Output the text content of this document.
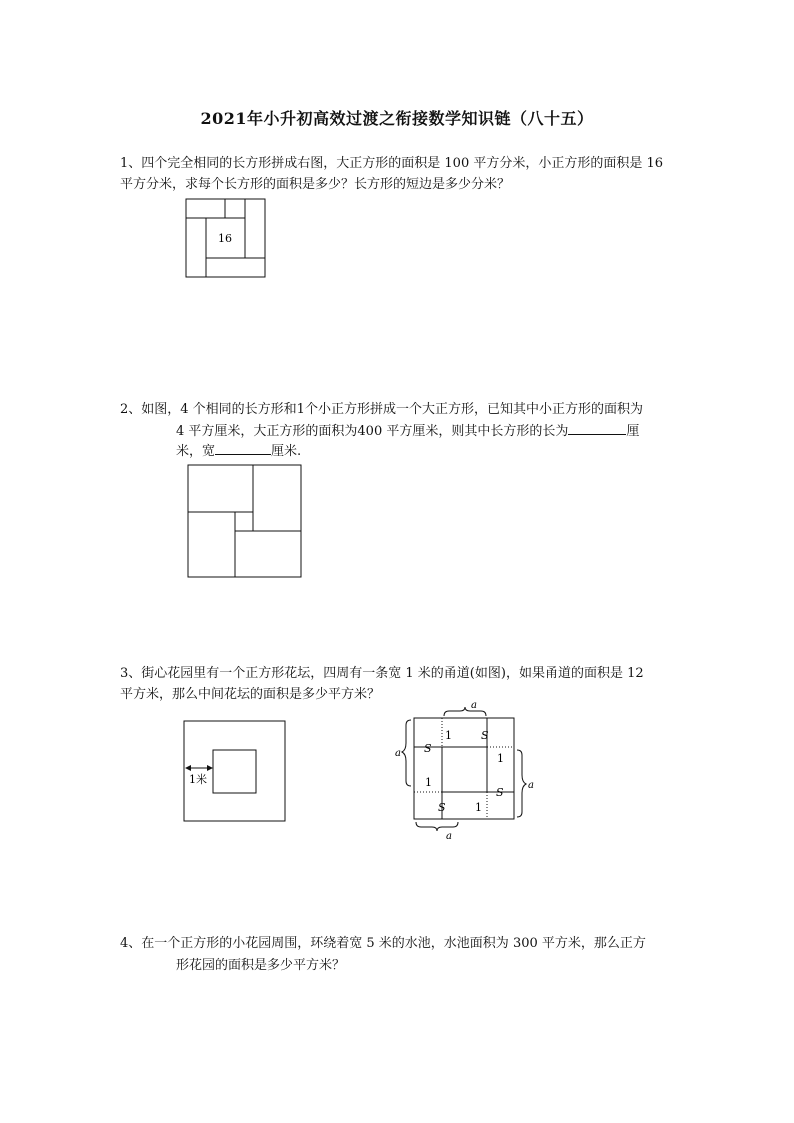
2021年小升初高效过渡之衔接数学知识链（八十五）
1、四个完全相同的长方形拼成右图，大正方形的面积是 100 平方分米，小正方形的面积是 16
平方分米，求每个长方形的面积是多少？长方形的短边是多少分米？
16
2、如图，4 个相同的长方形和1个小正方形拼成一个大正方形，已知其中小正方形的面积为
4 平方厘米，大正方形的面积为400 平方厘米，则其中长方形的长为	厘
米，宽	厘米.
3、街心花园里有一个正方形花坛，四周有一条宽 1 米的甬道(如图)，如果甬道的面积是 12
平方米，那么中间花坛的面积是多少平方米？
1米
a
a
a
a
S
1	S
1
S
1
S	1
4、在一个正方形的小花园周围，环绕着宽 5 米的水池，水池面积为 300 平方米，那么正方
形花园的面积是多少平方米？
